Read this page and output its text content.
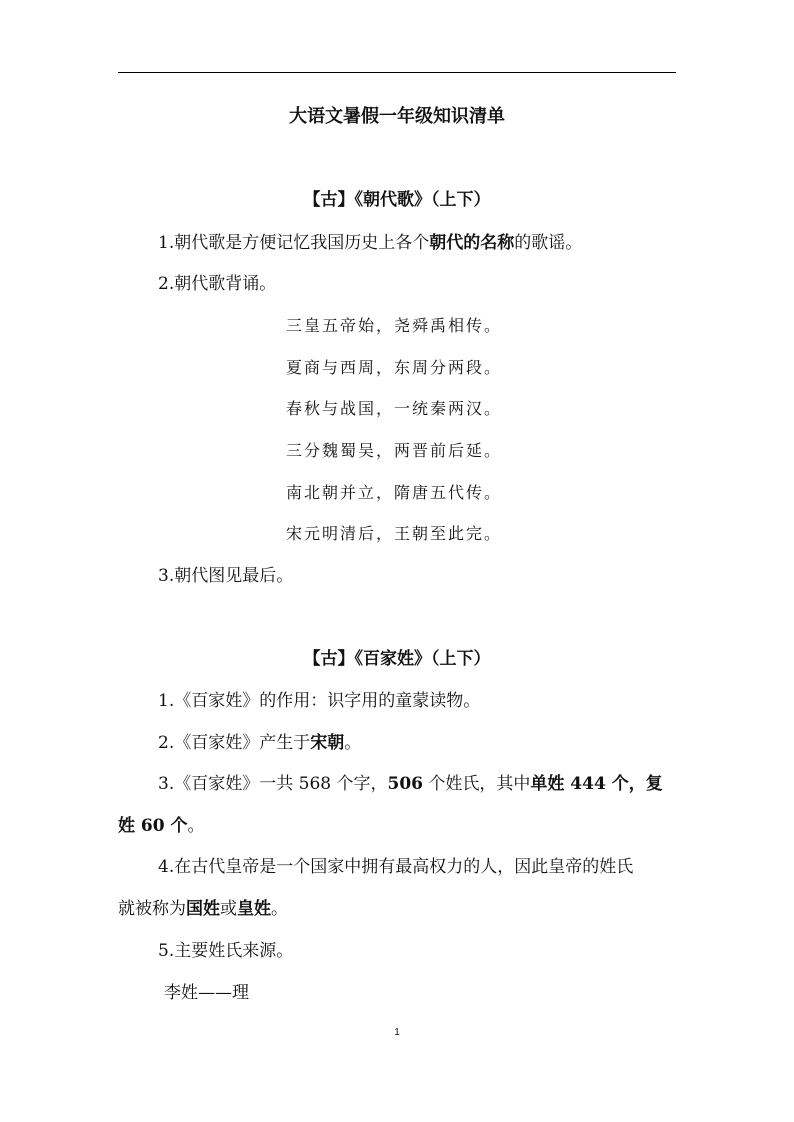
大语文暑假一年级知识清单
【古】《朝代歌》（上下）
1.朝代歌是方便记忆我国历史上各个朝代的名称的歌谣。
2.朝代歌背诵。
三皇五帝始，尧舜禹相传。
夏商与西周，东周分两段。
春秋与战国，一统秦两汉。
三分魏蜀吴，两晋前后延。
南北朝并立，隋唐五代传。
宋元明清后，王朝至此完。
3.朝代图见最后。
【古】《百家姓》（上下）
1.《百家姓》的作用：识字用的童蒙读物。
2.《百家姓》产生于宋朝。
3.《百家姓》一共 568 个字，506 个姓氏，其中单姓 444 个，复
姓 60 个。
4.在古代皇帝是一个国家中拥有最高权力的人，因此皇帝的姓氏
就被称为国姓或皇姓。
5.主要姓氏来源。
李姓——理
1
